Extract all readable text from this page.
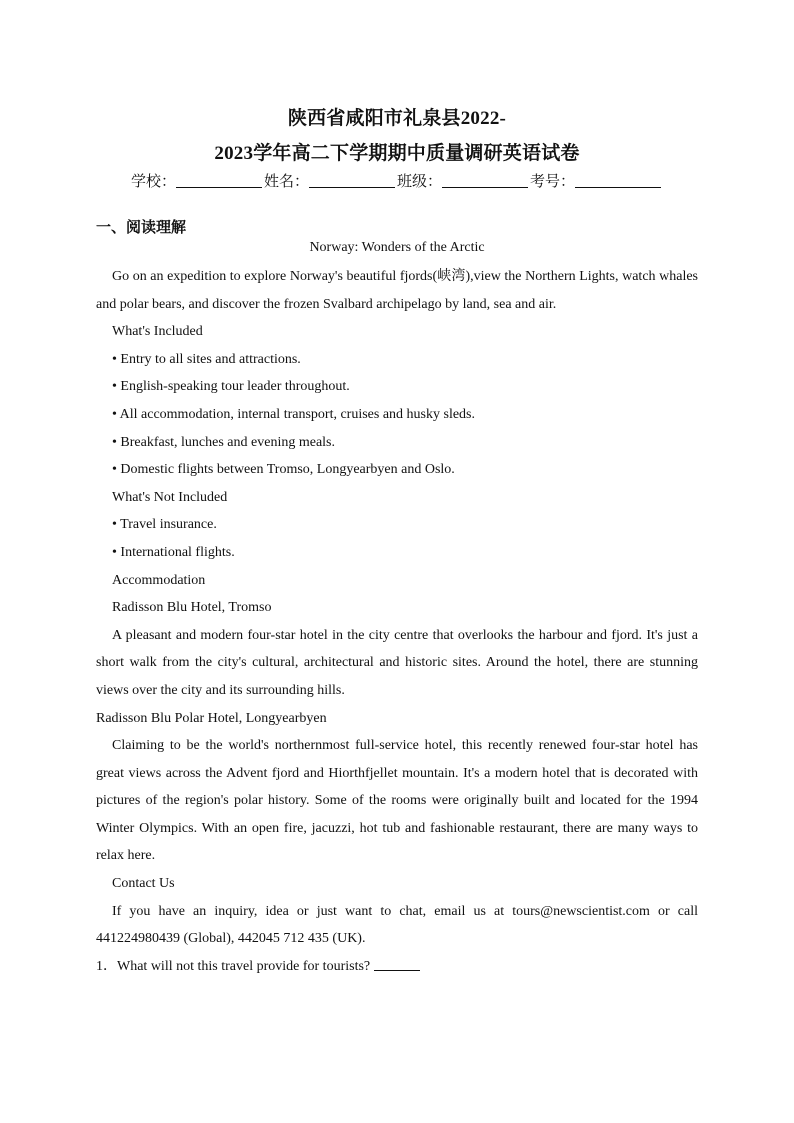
陕西省咸阳市礼泉县2022-
2023学年高二下学期期中质量调研英语试卷
学校：	姓名：	班级：	考号：
一、阅读理解
Norway: Wonders of the Arctic

Go on an expedition to explore Norway's beautiful fjords(峡湾),view the Northern Lights, watch whales and polar bears, and discover the frozen Svalbard archipelago by land, sea and air.

What's Included

• Entry to all sites and attractions.

• English-speaking tour leader throughout.

• All accommodation, internal transport, cruises and husky sleds.

• Breakfast, lunches and evening meals.

• Domestic flights between Tromso, Longyearbyen and Oslo.

What's Not Included

• Travel insurance.

• International flights.

Accommodation

Radisson Blu Hotel, Tromso

A pleasant and modern four-star hotel in the city centre that overlooks the harbour and fjord. It's just a short walk from the city's cultural, architectural and historic sites. Around the hotel, there are stunning views over the city and its surrounding hills.

Radisson Blu Polar Hotel, Longyearbyen

Claiming to be the world's northernmost full-service hotel, this recently renewed four-star hotel has great views across the Advent fjord and Hiorthfjellet mountain. It's a modern hotel that is decorated with pictures of the region's polar history. Some of the rooms were originally built and located for the 1994 Winter Olympics. With an open fire, jacuzzi, hot tub and fashionable restaurant, there are many ways to relax here.

Contact Us

If you have an inquiry, idea or just want to chat, email us at tours@newscientist.com or call 441224980439 (Global), 442045 712 435 (UK).

1．What will not this travel provide for tourists?
